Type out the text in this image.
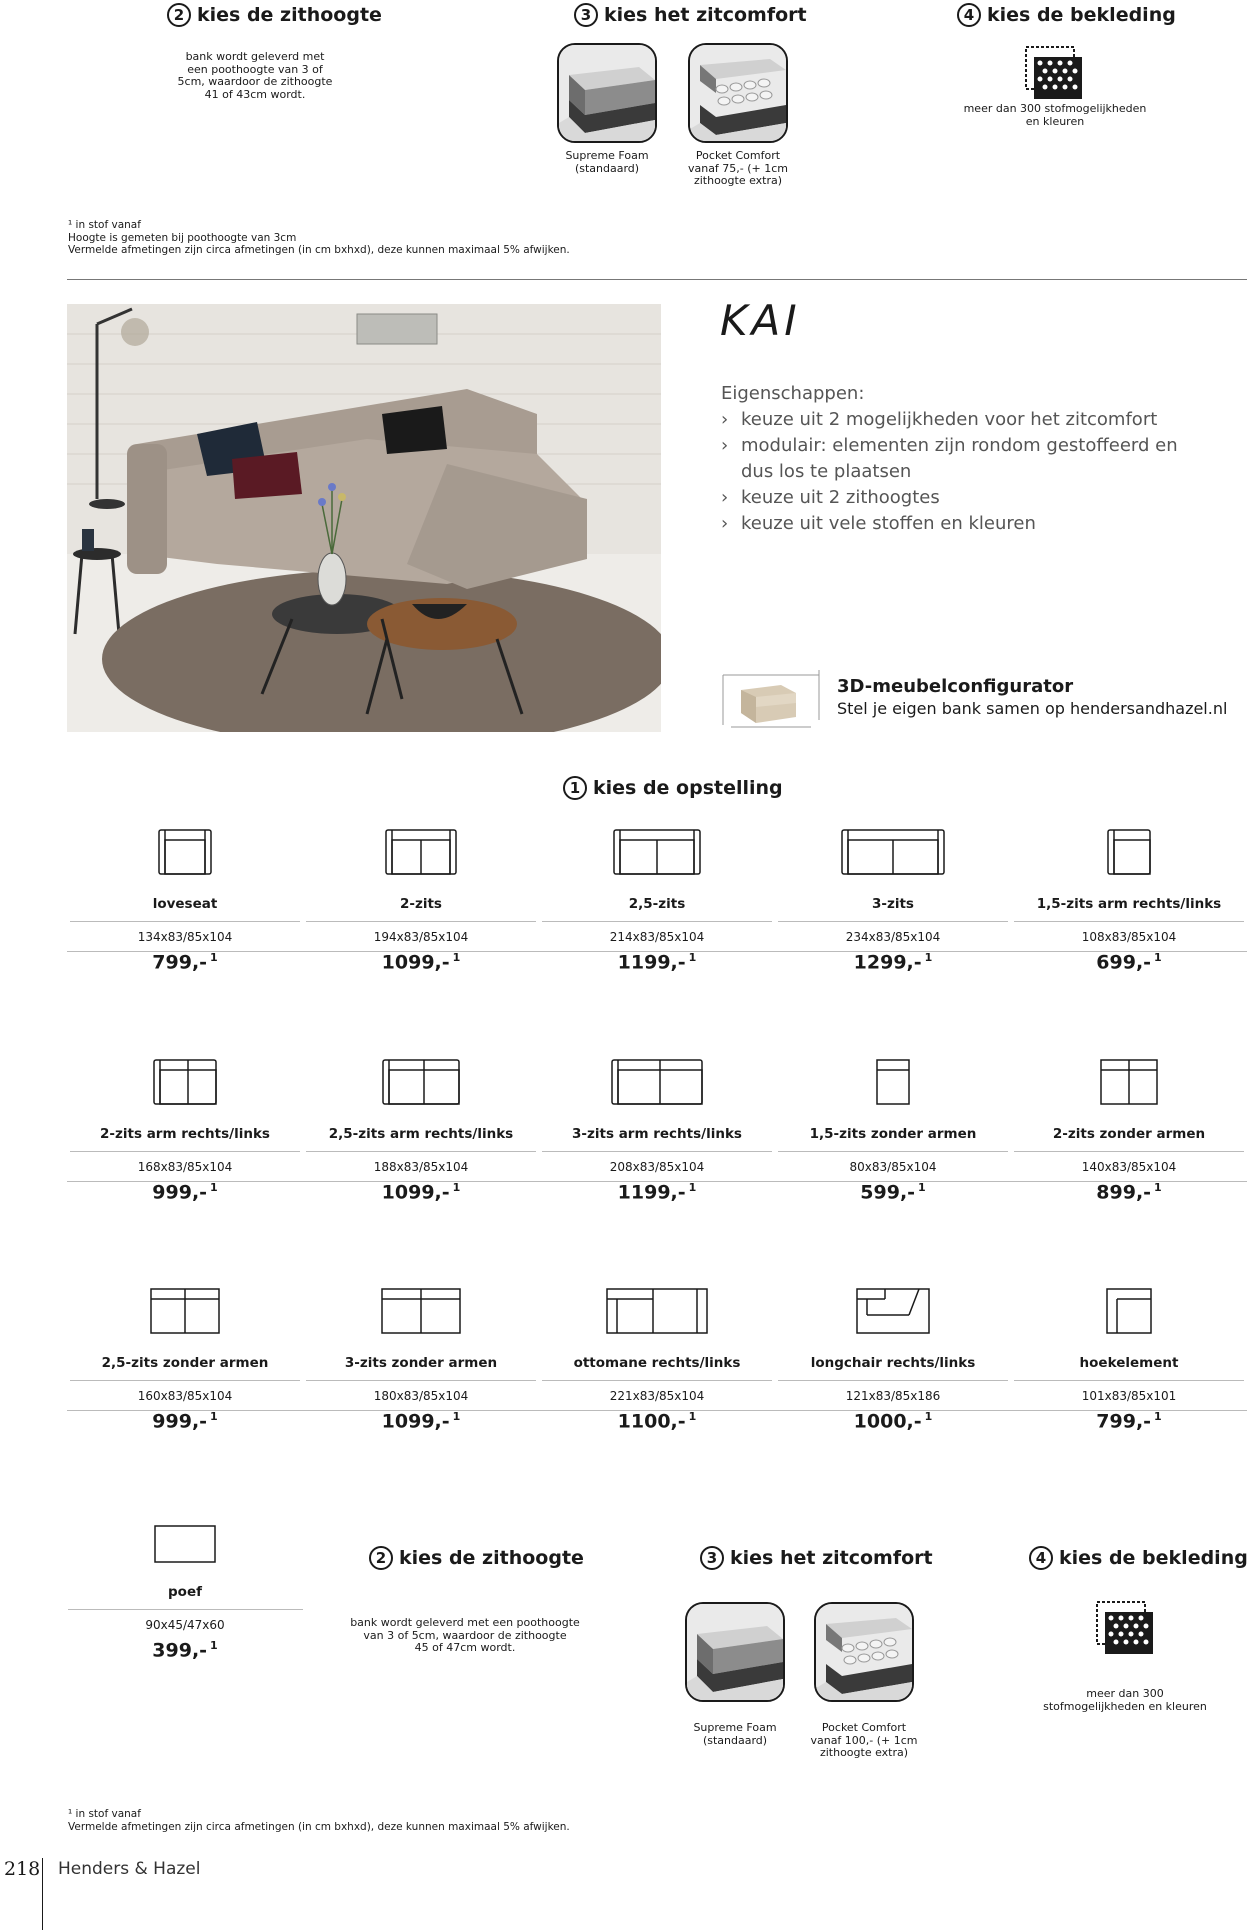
2 kies de zithoogte	3 kies het zitcomfort	4 kies de bekleding
bank wordt geleverd met
een poothoogte van 3 of
5cm, waardoor de zithoogte
41 of 43cm wordt.
Supreme Foam
(standaard)
Pocket Comfort
vanaf 75,- (+ 1cm
zithoogte extra)
meer dan 300 stofmogelijkheden
en kleuren
¹ in stof vanaf
Hoogte is gemeten bij poothoogte van 3cm
Vermelde afmetingen zijn circa afmetingen (in cm bxhxd), deze kunnen maximaal 5% afwijken.
KAI
Eigenschappen:
› keuze uit 2 mogelijkheden voor het zitcomfort
› modulair: elementen zijn rondom gestoffeerd en
dus los te plaatsen
› keuze uit 2 zithoogtes
› keuze uit vele stoffen en kleuren
3D-meubelconfigurator
Stel je eigen bank samen op hendersandhazel.nl
1 kies de opstelling
loveseat
134x83/85x104
799,- $^1$
2-zits
194x83/85x104
1099,- $^1$
2,5-zits
214x83/85x104
1199,- $^1$
3-zits
234x83/85x104
1299,- $^1$
1,5-zits arm rechts/links
108x83/85x104
699,- $^1$
2-zits arm rechts/links
168x83/85x104
999,- $^1$
2,5-zits arm rechts/links
188x83/85x104
1099,- $^1$
3-zits arm rechts/links
208x83/85x104
1199,- $^1$
1,5-zits zonder armen
80x83/85x104
599,- $^1$
2-zits zonder armen
140x83/85x104
899,- $^1$
2,5-zits zonder armen
160x83/85x104
999,- $^1$
3-zits zonder armen
180x83/85x104
1099,- $^1$
ottomane rechts/links
221x83/85x104
1100,- $^1$
longchair rechts/links
121x83/85x186
1000,- $^1$
hoekelement
101x83/85x101
799,- $^1$
poef
90x45/47x60
399,- $^1$
2 kies de zithoogte	3 kies het zitcomfort	4 kies de bekleding
bank wordt geleverd met een poothoogte
van 3 of 5cm, waardoor de zithoogte
45 of 47cm wordt.
Supreme Foam
(standaard)
Pocket Comfort
vanaf 100,- (+ 1cm
zithoogte extra)
meer dan 300
stofmogelijkheden en kleuren
¹ in stof vanaf
Vermelde afmetingen zijn circa afmetingen (in cm bxhxd), deze kunnen maximaal 5% afwijken.
218 Henders & Hazel
